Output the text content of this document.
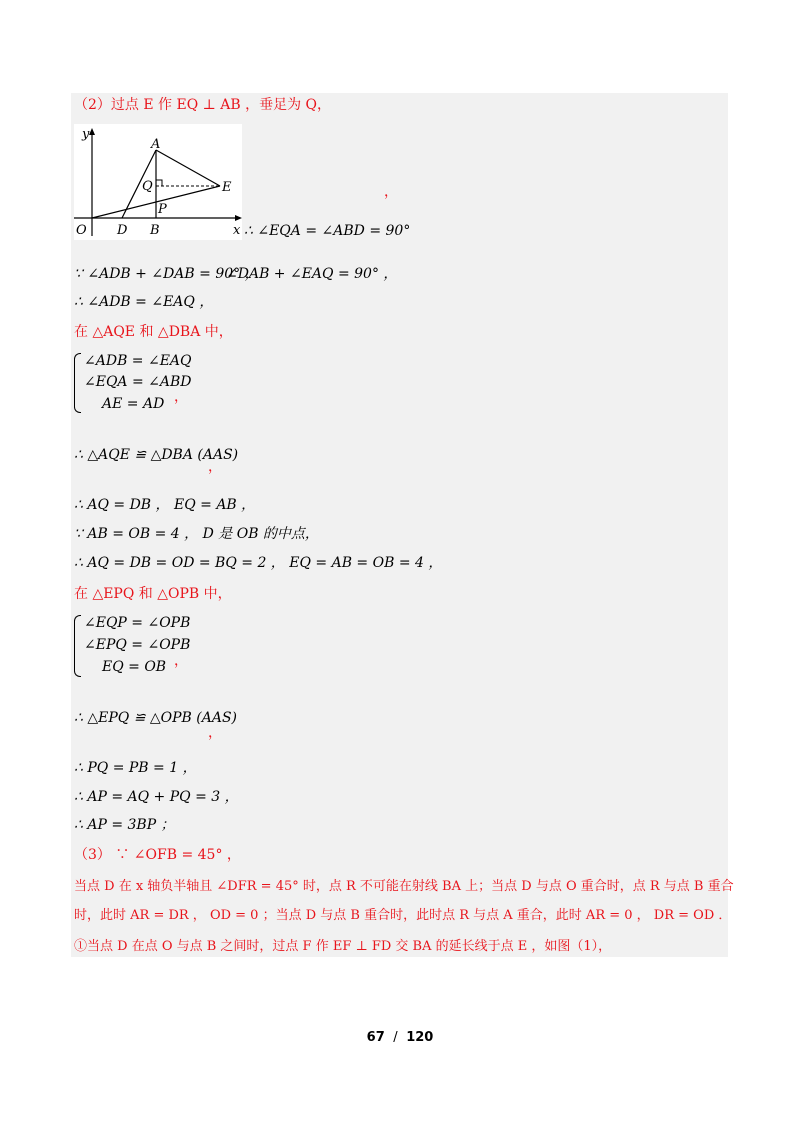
（2）过点 E 作 EQ ⊥ AB ，垂足为 Q，
y
x
O D B
A
Q
P
E	，
∴ ∠EQA = ∠ABD = 90°
∵ ∠ADB + ∠DAB = 90° ，
∠DAB + ∠EAQ = 90° ，
∴ ∠ADB = ∠EAQ ，
在 △AQE 和 △DBA 中，
∠ADB = ∠EAQ
∠EQA = ∠ABD
AE = AD ，
∴ △AQE ≌ △DBA (AAS)
，
∴ AQ = DB ， EQ = AB ，
∵ AB = OB = 4 ， D 是 OB 的中点，
∴ AQ = DB = OD = BQ = 2 ， EQ = AB = OB = 4 ，
在 △EPQ 和 △OPB 中，
∠EQP = ∠OPB
∠EPQ = ∠OPB
EQ = OB ，
∴ △EPQ ≌ △OPB (AAS)
，
∴ PQ = PB = 1 ，
∴ AP = AQ + PQ = 3 ，
∴ AP = 3BP ；
（3） ∵ ∠OFB = 45° ，
当点 D 在 x 轴负半轴且 ∠DFR = 45° 时，点 R 不可能在射线 BA 上；当点 D 与点 O 重合时，点 R 与点 B 重合
时，此时 AR = DR ， OD = 0 ；当点 D 与点 B 重合时，此时点 R 与点 A 重合，此时 AR = 0 ， DR = OD ．
①当点 D 在点 O 与点 B 之间时，过点 F 作 EF ⊥ FD 交 BA 的延长线于点 E ，如图（1），
67 / 120
